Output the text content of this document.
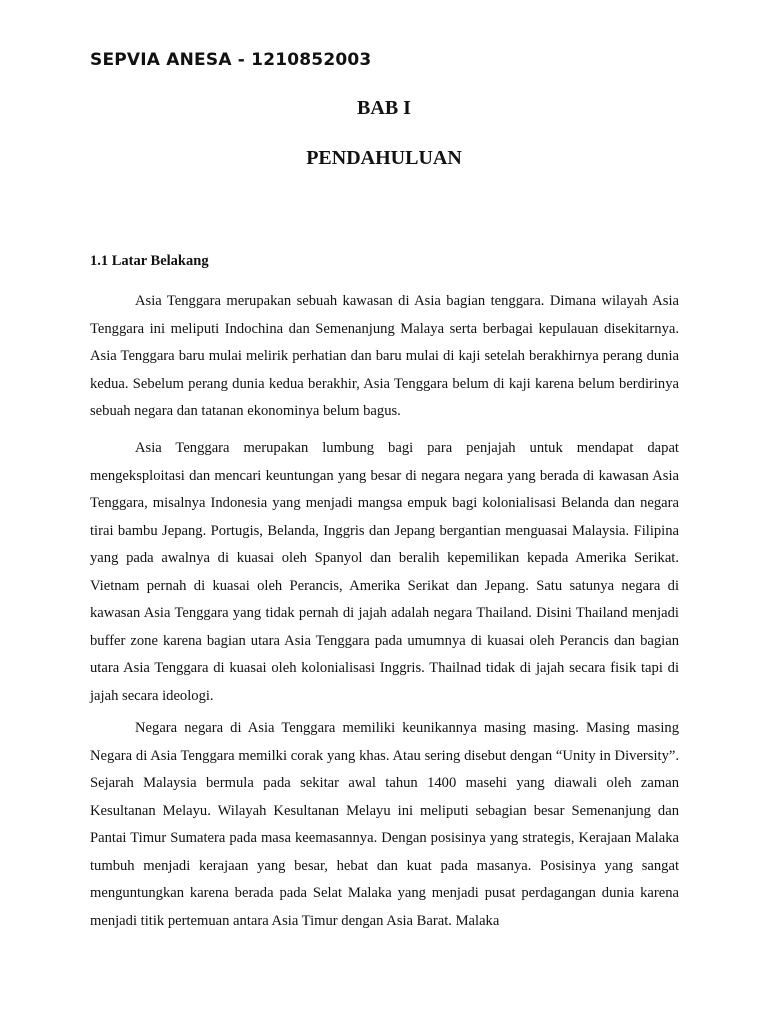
SEPVIA ANESA - 1210852003
BAB I
PENDAHULUAN
1.1 Latar Belakang

Asia Tenggara merupakan sebuah kawasan di Asia bagian tenggara. Dimana wilayah Asia Tenggara ini meliputi Indochina dan Semenanjung Malaya serta berbagai kepulauan disekitarnya. Asia Tenggara baru mulai melirik perhatian dan baru mulai di kaji setelah berakhirnya perang dunia kedua. Sebelum perang dunia kedua berakhir, Asia Tenggara belum di kaji karena belum berdirinya sebuah negara dan tatanan ekonominya belum bagus.

Asia Tenggara merupakan lumbung bagi para penjajah untuk mendapat dapat mengeksploitasi dan mencari keuntungan yang besar di negara negara yang berada di kawasan Asia Tenggara, misalnya Indonesia yang menjadi mangsa empuk bagi kolonialisasi Belanda dan negara tirai bambu Jepang. Portugis, Belanda, Inggris dan Jepang bergantian menguasai Malaysia. Filipina yang pada awalnya di kuasai oleh Spanyol dan beralih kepemilikan kepada Amerika Serikat. Vietnam pernah di kuasai oleh Perancis, Amerika Serikat dan Jepang. Satu satunya negara di kawasan Asia Tenggara yang tidak pernah di jajah adalah negara Thailand. Disini Thailand menjadi buffer zone karena bagian utara Asia Tenggara pada umumnya di kuasai oleh Perancis dan bagian utara Asia Tenggara di kuasai oleh kolonialisasi Inggris. Thailnad tidak di jajah secara fisik tapi di jajah secara ideologi.

Negara negara di Asia Tenggara memiliki keunikannya masing masing. Masing masing Negara di Asia Tenggara memilki corak yang khas. Atau sering disebut dengan “Unity in Diversity”. Sejarah Malaysia bermula pada sekitar awal tahun 1400 masehi yang diawali oleh zaman Kesultanan Melayu. Wilayah Kesultanan Melayu ini meliputi sebagian besar Semenanjung dan Pantai Timur Sumatera pada masa keemasannya. Dengan posisinya yang strategis, Kerajaan Malaka tumbuh menjadi kerajaan yang besar, hebat dan kuat pada masanya. Posisinya yang sangat menguntungkan karena berada pada Selat Malaka yang menjadi pusat perdagangan dunia karena menjadi titik pertemuan antara Asia Timur dengan Asia Barat. Malaka
